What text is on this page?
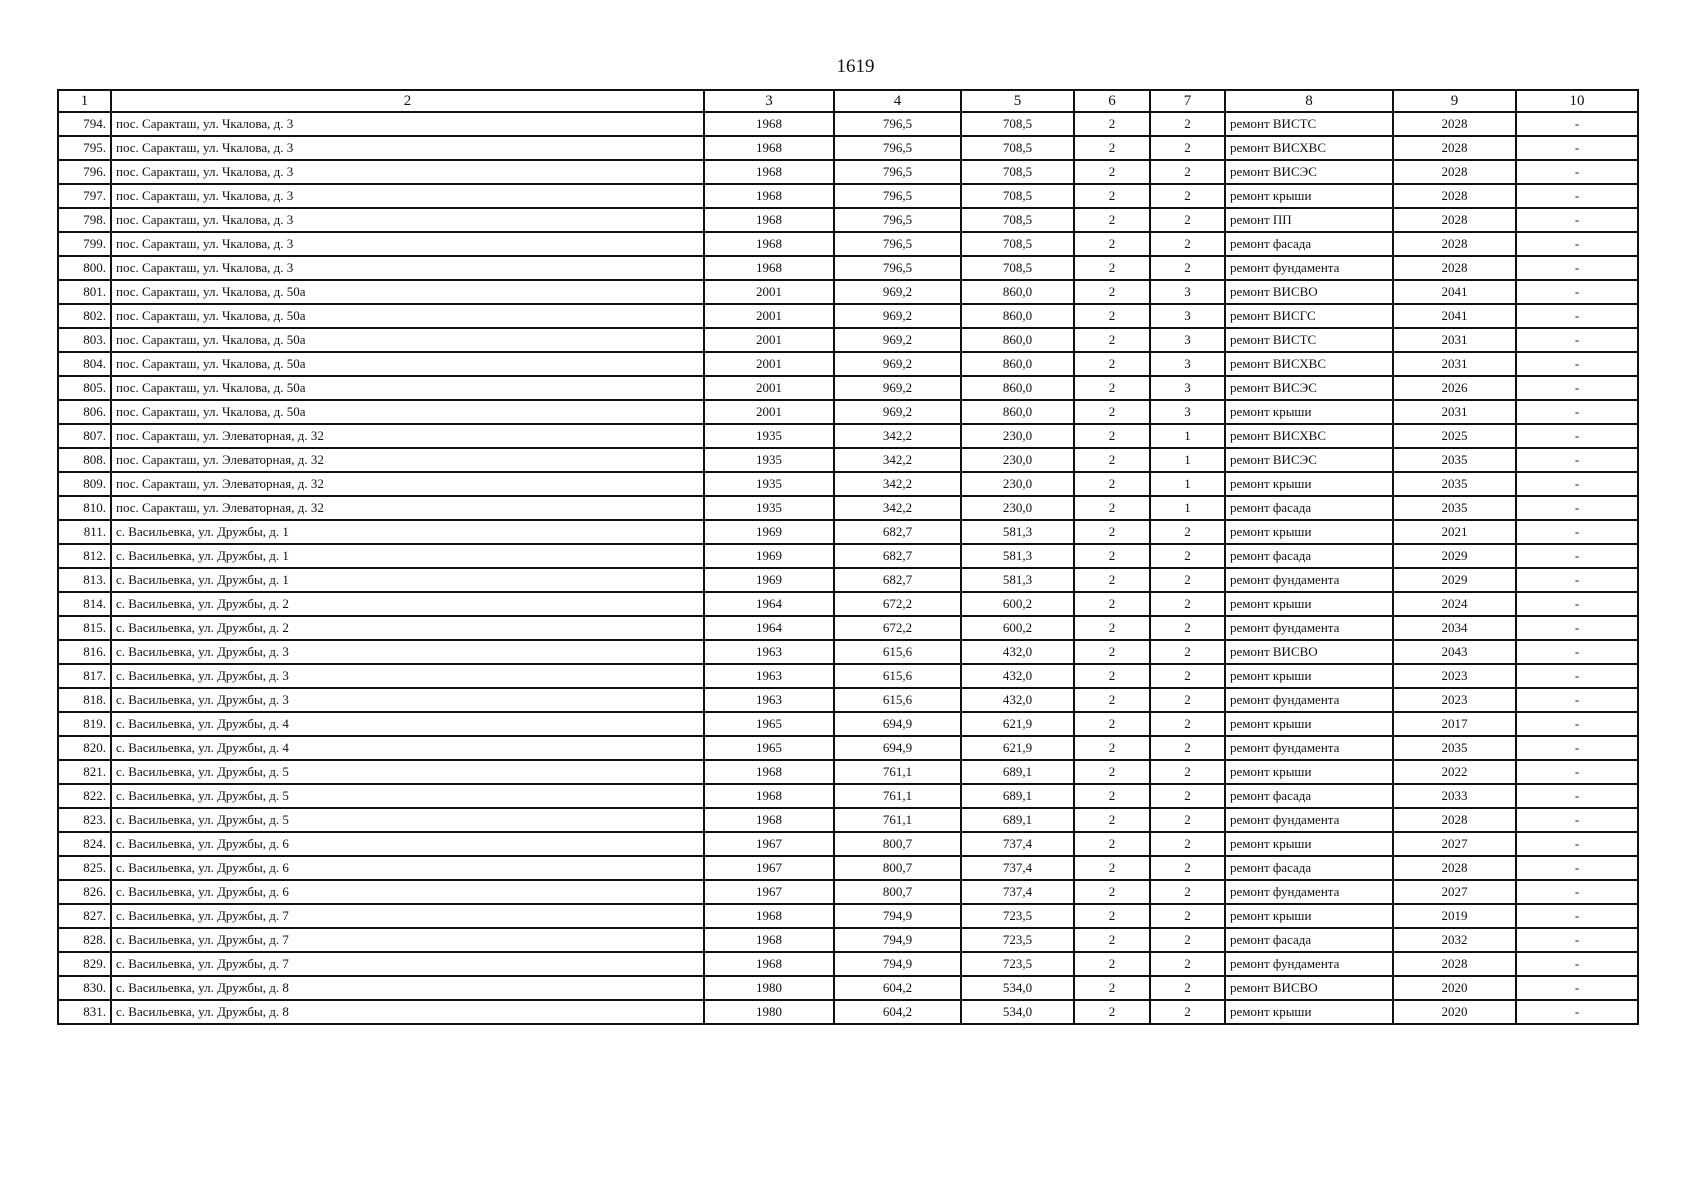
1619
1	2	3	4	5	6	7	8	9	10
794.	пос. Саракташ, ул. Чкалова, д. 3	1968	796,5	708,5	2	2	ремонт ВИСТС	2028	-
795.	пос. Саракташ, ул. Чкалова, д. 3	1968	796,5	708,5	2	2	ремонт ВИСХВС	2028	-
796.	пос. Саракташ, ул. Чкалова, д. 3	1968	796,5	708,5	2	2	ремонт ВИСЭС	2028	-
797.	пос. Саракташ, ул. Чкалова, д. 3	1968	796,5	708,5	2	2	ремонт крыши	2028	-
798.	пос. Саракташ, ул. Чкалова, д. 3	1968	796,5	708,5	2	2	ремонт ПП	2028	-
799.	пос. Саракташ, ул. Чкалова, д. 3	1968	796,5	708,5	2	2	ремонт фасада	2028	-
800.	пос. Саракташ, ул. Чкалова, д. 3	1968	796,5	708,5	2	2	ремонт фундамента	2028	-
801.	пос. Саракташ, ул. Чкалова, д. 50а	2001	969,2	860,0	2	3	ремонт ВИСВО	2041	-
802.	пос. Саракташ, ул. Чкалова, д. 50а	2001	969,2	860,0	2	3	ремонт ВИСГС	2041	-
803.	пос. Саракташ, ул. Чкалова, д. 50а	2001	969,2	860,0	2	3	ремонт ВИСТС	2031	-
804.	пос. Саракташ, ул. Чкалова, д. 50а	2001	969,2	860,0	2	3	ремонт ВИСХВС	2031	-
805.	пос. Саракташ, ул. Чкалова, д. 50а	2001	969,2	860,0	2	3	ремонт ВИСЭС	2026	-
806.	пос. Саракташ, ул. Чкалова, д. 50а	2001	969,2	860,0	2	3	ремонт крыши	2031	-
807.	пос. Саракташ, ул. Элеваторная, д. 32	1935	342,2	230,0	2	1	ремонт ВИСХВС	2025	-
808.	пос. Саракташ, ул. Элеваторная, д. 32	1935	342,2	230,0	2	1	ремонт ВИСЭС	2035	-
809.	пос. Саракташ, ул. Элеваторная, д. 32	1935	342,2	230,0	2	1	ремонт крыши	2035	-
810.	пос. Саракташ, ул. Элеваторная, д. 32	1935	342,2	230,0	2	1	ремонт фасада	2035	-
811.	с. Васильевка, ул. Дружбы, д. 1	1969	682,7	581,3	2	2	ремонт крыши	2021	-
812.	с. Васильевка, ул. Дружбы, д. 1	1969	682,7	581,3	2	2	ремонт фасада	2029	-
813.	с. Васильевка, ул. Дружбы, д. 1	1969	682,7	581,3	2	2	ремонт фундамента	2029	-
814.	с. Васильевка, ул. Дружбы, д. 2	1964	672,2	600,2	2	2	ремонт крыши	2024	-
815.	с. Васильевка, ул. Дружбы, д. 2	1964	672,2	600,2	2	2	ремонт фундамента	2034	-
816.	с. Васильевка, ул. Дружбы, д. 3	1963	615,6	432,0	2	2	ремонт ВИСВО	2043	-
817.	с. Васильевка, ул. Дружбы, д. 3	1963	615,6	432,0	2	2	ремонт крыши	2023	-
818.	с. Васильевка, ул. Дружбы, д. 3	1963	615,6	432,0	2	2	ремонт фундамента	2023	-
819.	с. Васильевка, ул. Дружбы, д. 4	1965	694,9	621,9	2	2	ремонт крыши	2017	-
820.	с. Васильевка, ул. Дружбы, д. 4	1965	694,9	621,9	2	2	ремонт фундамента	2035	-
821.	с. Васильевка, ул. Дружбы, д. 5	1968	761,1	689,1	2	2	ремонт крыши	2022	-
822.	с. Васильевка, ул. Дружбы, д. 5	1968	761,1	689,1	2	2	ремонт фасада	2033	-
823.	с. Васильевка, ул. Дружбы, д. 5	1968	761,1	689,1	2	2	ремонт фундамента	2028	-
824.	с. Васильевка, ул. Дружбы, д. 6	1967	800,7	737,4	2	2	ремонт крыши	2027	-
825.	с. Васильевка, ул. Дружбы, д. 6	1967	800,7	737,4	2	2	ремонт фасада	2028	-
826.	с. Васильевка, ул. Дружбы, д. 6	1967	800,7	737,4	2	2	ремонт фундамента	2027	-
827.	с. Васильевка, ул. Дружбы, д. 7	1968	794,9	723,5	2	2	ремонт крыши	2019	-
828.	с. Васильевка, ул. Дружбы, д. 7	1968	794,9	723,5	2	2	ремонт фасада	2032	-
829.	с. Васильевка, ул. Дружбы, д. 7	1968	794,9	723,5	2	2	ремонт фундамента	2028	-
830.	с. Васильевка, ул. Дружбы, д. 8	1980	604,2	534,0	2	2	ремонт ВИСВО	2020	-
831.	с. Васильевка, ул. Дружбы, д. 8	1980	604,2	534,0	2	2	ремонт крыши	2020	-
